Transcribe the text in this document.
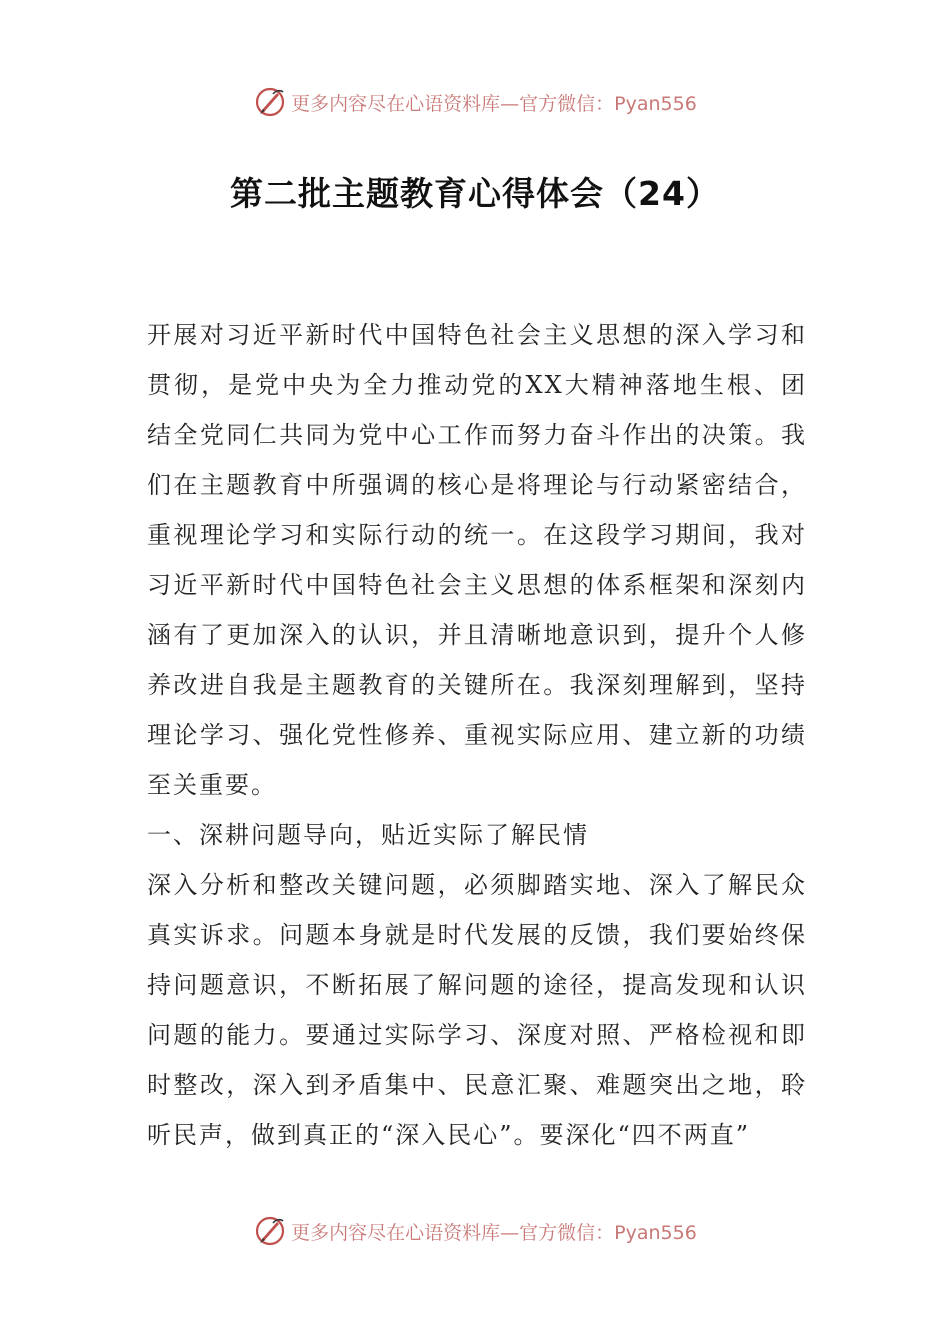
更多内容尽在心语资料库—官方微信：Pyan556
第二批主题教育心得体会（24）

开展对习近平新时代中国特色社会主义思想的深入学习和贯彻，是党中央为全力推动党的XX大精神落地生根、团结全党同仁共同为党中心工作而努力奋斗作出的决策。我们在主题教育中所强调的核心是将理论与行动紧密结合，重视理论学习和实际行动的统一。在这段学习期间，我对习近平新时代中国特色社会主义思想的体系框架和深刻内涵有了更加深入的认识，并且清晰地意识到，提升个人修养改进自我是主题教育的关键所在。我深刻理解到，坚持理论学习、强化党性修养、重视实际应用、建立新的功绩至关重要。

一、深耕问题导向，贴近实际了解民情

深入分析和整改关键问题，必须脚踏实地、深入了解民众真实诉求。问题本身就是时代发展的反馈，我们要始终保持问题意识，不断拓展了解问题的途径，提高发现和认识问题的能力。要通过实际学习、深度对照、严格检视和即时整改，深入到矛盾集中、民意汇聚、难题突出之地，聆听民声，做到真正的“深入民心”。要深化“四不两直”

更多内容尽在心语资料库—官方微信：Pyan556
